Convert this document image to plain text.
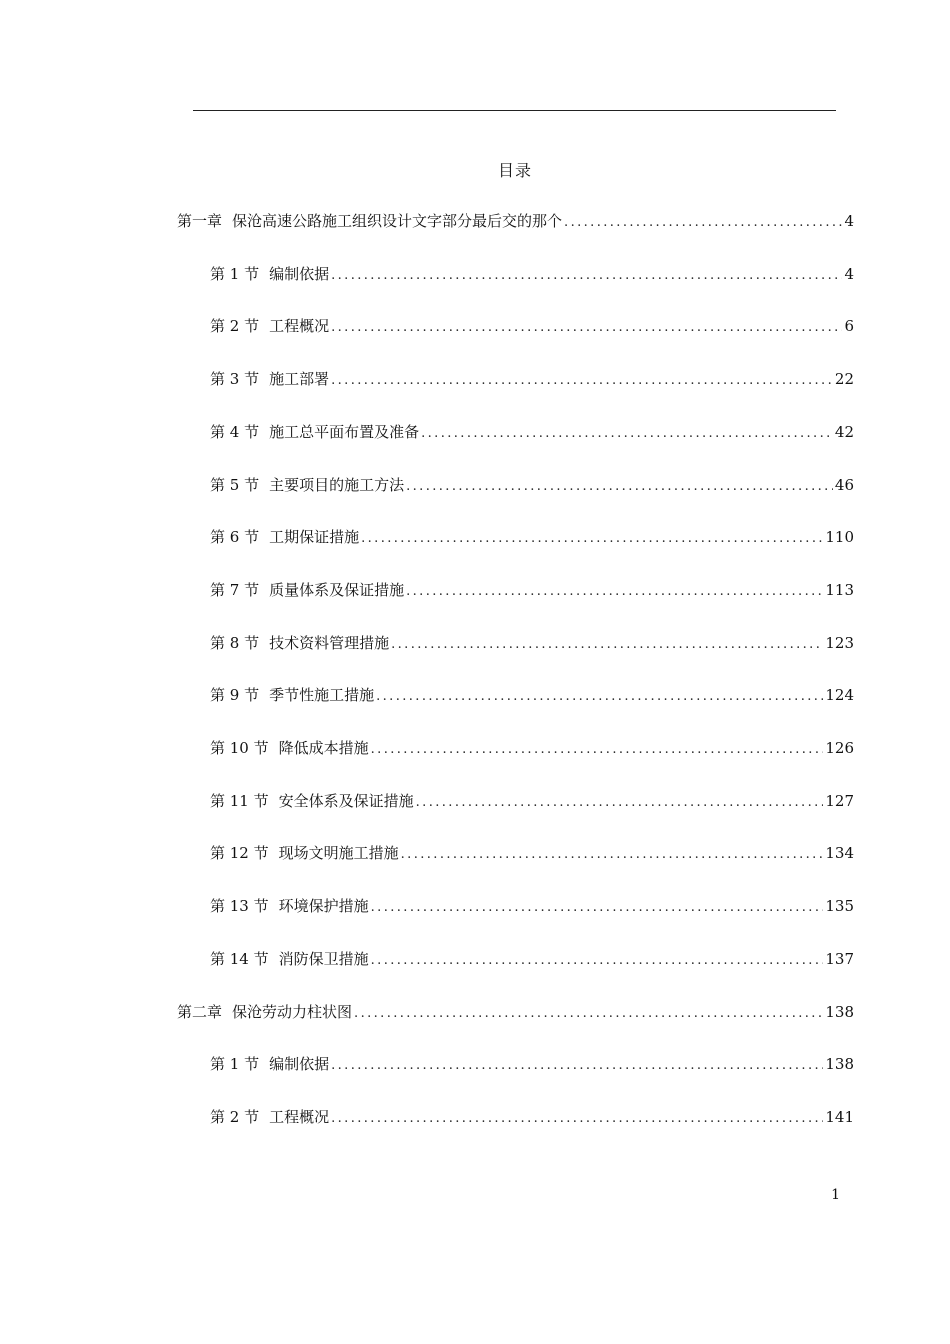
目录
第一章 保沧高速公路施工组织设计文字部分最后交的那个 .....	4
第 1 节 编制依据 .....	4
第 2 节 工程概况 .....	6
第 3 节 施工部署 .....	22
第 4 节 施工总平面布置及准备 .....	42
第 5 节 主要项目的施工方法 .....	46
第 6 节 工期保证措施 .....	110
第 7 节 质量体系及保证措施 .....	113
第 8 节 技术资料管理措施 .....	123
第 9 节 季节性施工措施 .....	124
第 10 节 降低成本措施 .....	126
第 11 节 安全体系及保证措施 .....	127
第 12 节 现场文明施工措施 .....	134
第 13 节 环境保护措施 .....	135
第 14 节 消防保卫措施 .....	137
第二章 保沧劳动力柱状图 .....	138
第 1 节 编制依据 .....	138
第 2 节 工程概况 .....	141
1
